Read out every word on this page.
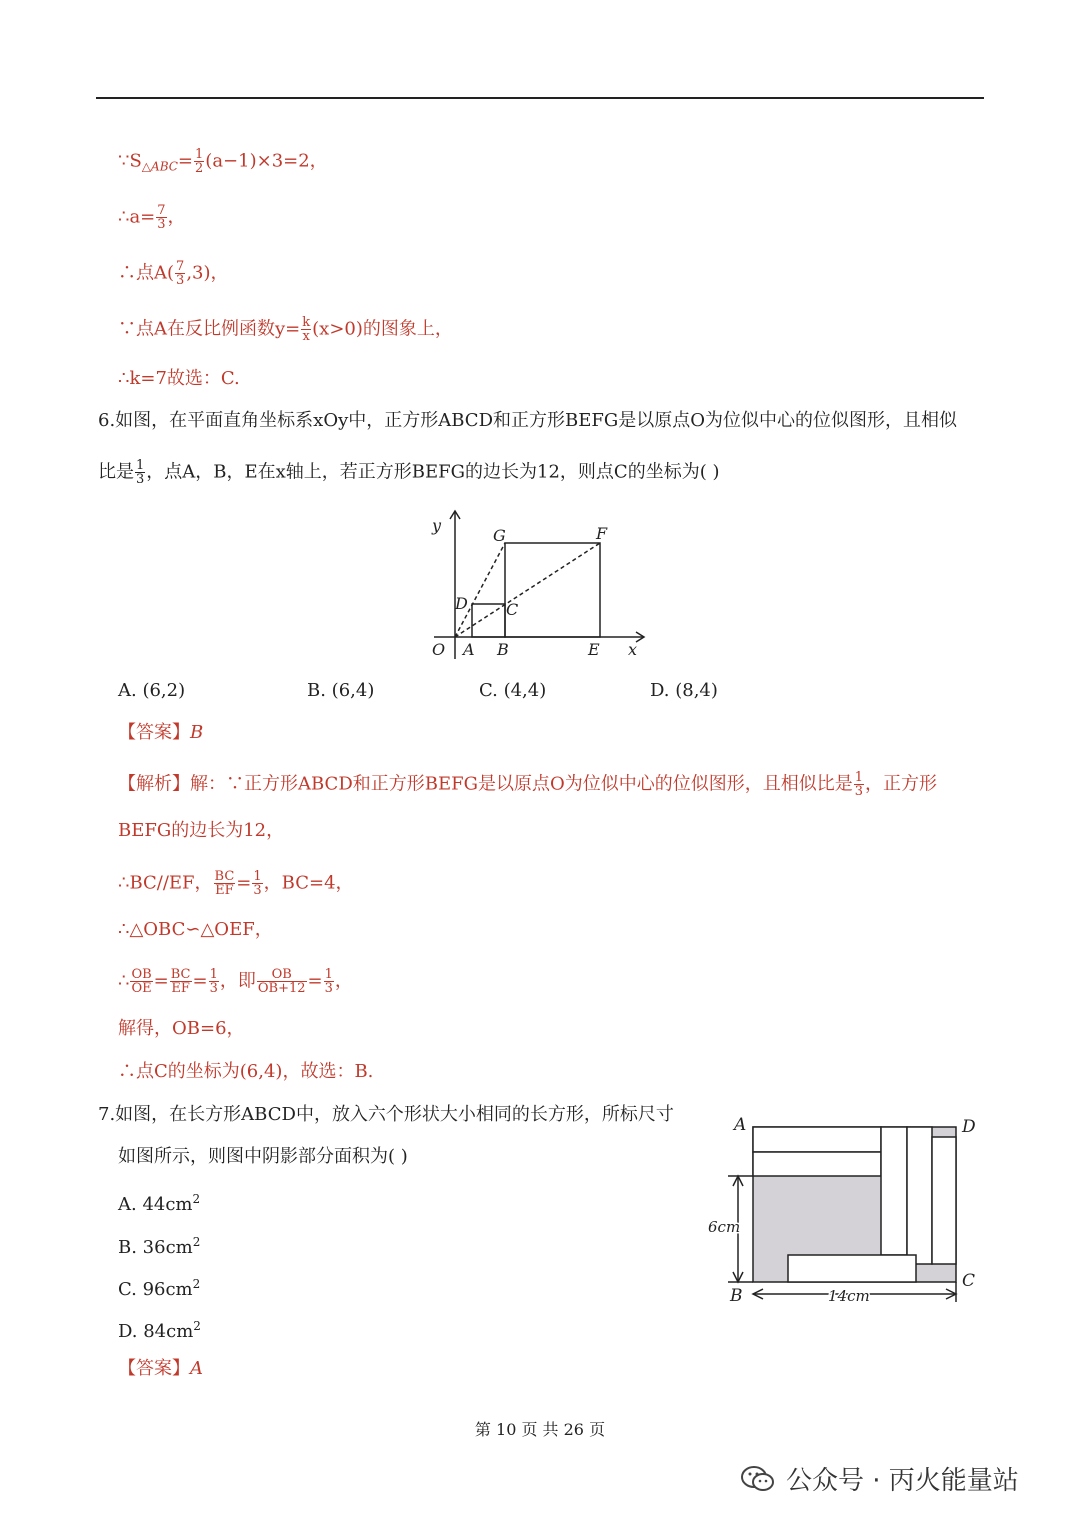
$\because S_{\triangle ABC}= \frac{1}{2} (a-1)\times 3=2$，
∴a= $\frac{7}{3}$ ，
∴点$A( \frac{7}{3} ,3)$，
∵点A在反比例函数$y= \frac{k}{x} (x>0)$的图象上，
∴k=7故选：C.
6.如图，在平面直角坐标系xOy中，正方形ABCD和正方形BEFG是以原点O为位似中心的位似图形，且相似
比是 $\frac{1}{3}$ ，点A，B，E在x轴上，若正方形BEFG的边长为12，则点C的坐标为( )
y
x
O A B	E
D C
G	F
A. (6,2)	B. (6,4)	C. (4,4)	D. (8,4)
【答案】B
【解析】解：∵正方形ABCD和正方形BEFG是以原点O为位似中心的位似图形，且相似比是 $\frac{1}{3}$ ，正方形
BEFG的边长为12，
∴BC//EF， $\frac{BC}{EF} = \frac{1}{3}$ ，BC=4，
∴△OBC∽△OEF，
∴ $\frac{OB}{OE} = \frac{BC}{EF} = \frac{1}{3}$ ，即 $\frac{OB}{OB+12} = \frac{1}{3}$ ，
解得，OB=6，
∴点C的坐标为(6,4)，故选：B.
7.如图，在长方形ABCD中，放入六个形状大小相同的长方形，所标尺寸
如图所示，则图中阴影部分面积为( )
A. $44cm^2$
B. $36cm^2$
C. $96cm^2$
D. $84cm^2$
【答案】A
A	D
B
C
6cm
14cm
第 10 页 共 26 页
公众号 · 丙火能量站
